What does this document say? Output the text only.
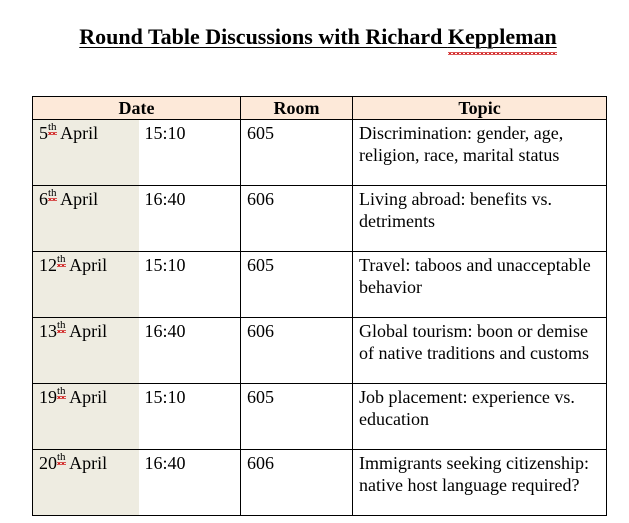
Round Table Discussions with Richard Keppleman
Date		Room	Topic
5th April	15:10	605	Discrimination: gender, age, religion, race, marital status
6th April	16:40	606	Living abroad: benefits vs. detriments
12th April	15:10	605	Travel: taboos and unacceptable behavior
13th April	16:40	606	Global tourism: boon or demise of native traditions and customs
19th April	15:10	605	Job placement: experience vs. education
20th April	16:40	606	Immigrants seeking citizenship: native host language required?
